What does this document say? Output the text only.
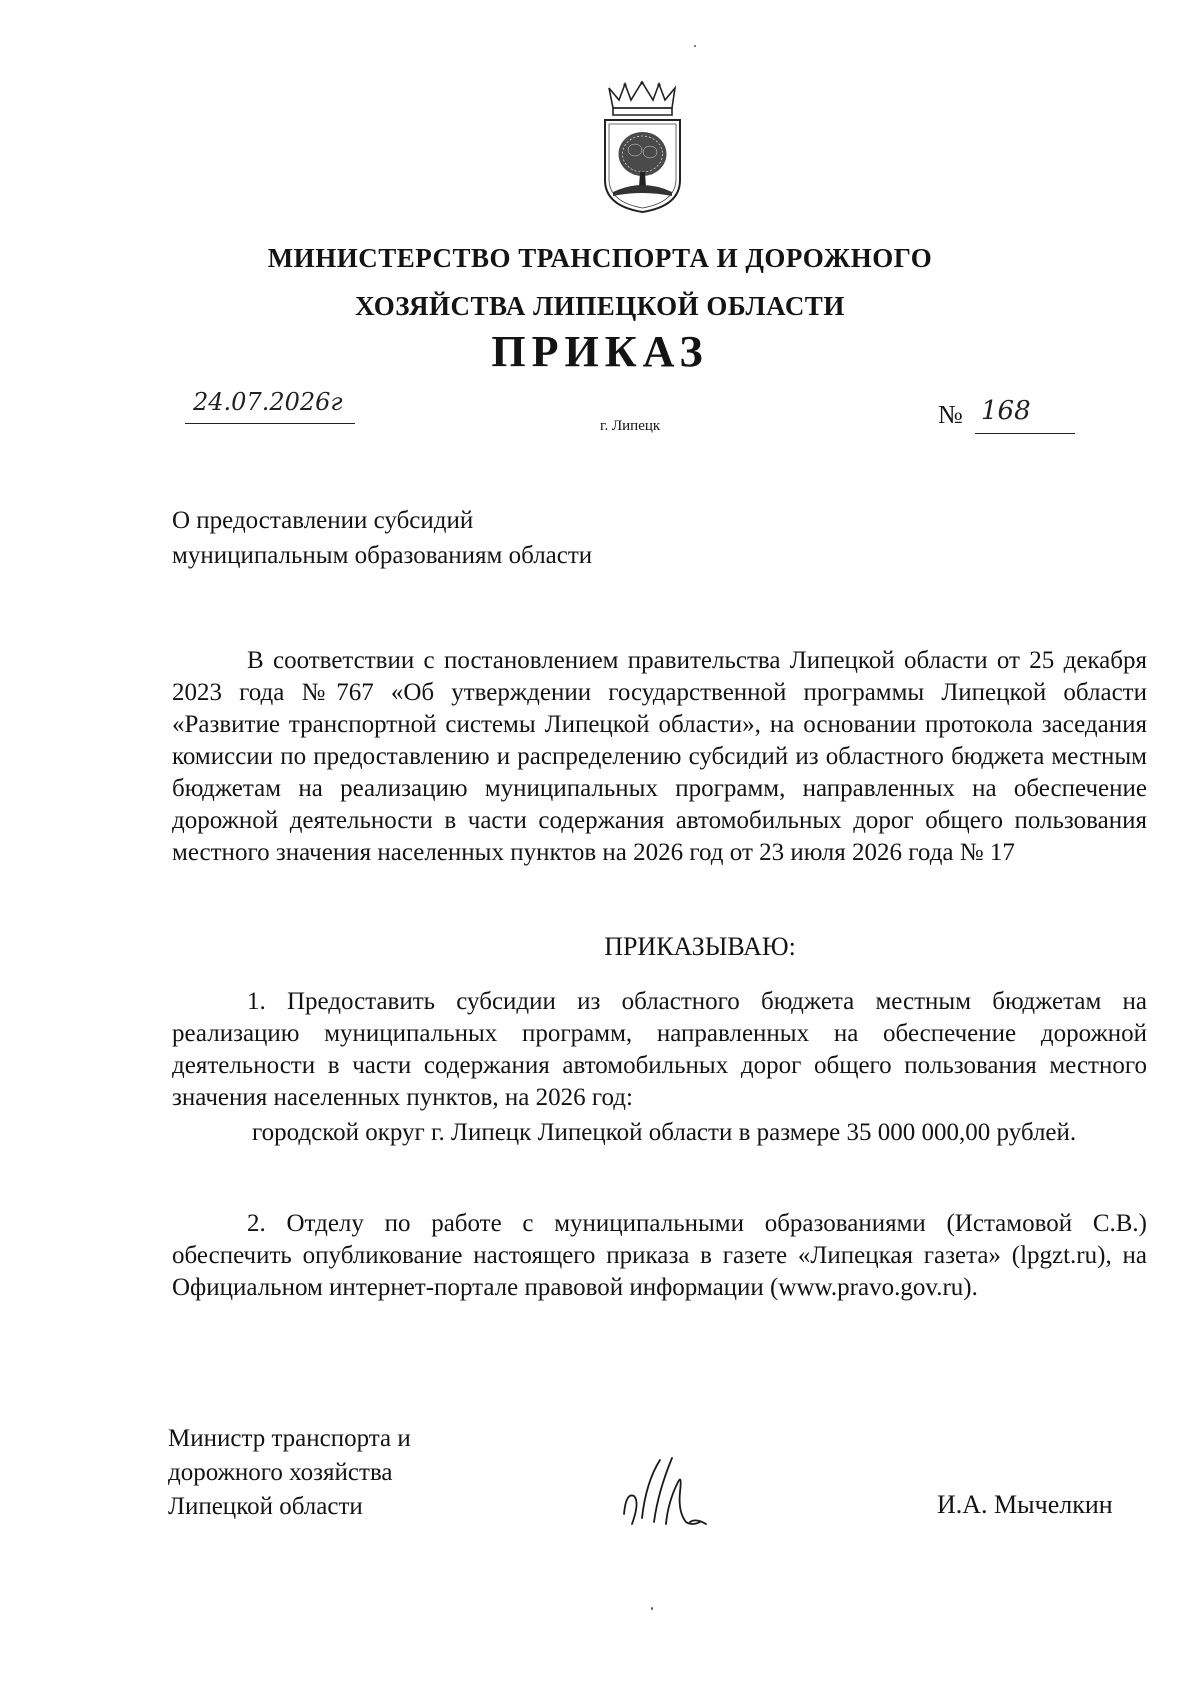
МИНИСТЕРСТВО ТРАНСПОРТА И ДОРОЖНОГО
ХОЗЯЙСТВА ЛИПЕЦКОЙ ОБЛАСТИ
ПРИКАЗ
24.07.2026г
г. Липецк	№ 168
О предоставлении субсидий
муниципальным образованиям области
В соответствии с постановлением правительства Липецкой области от 25 декабря 2023 года №767 «Об утверждении государственной программы Липецкой области «Развитие транспортной системы Липецкой области», на основании протокола заседания комиссии по предоставлению и распределению субсидий из областного бюджета местным бюджетам на реализацию муниципальных программ, направленных на обеспечение дорожной деятельности в части содержания автомобильных дорог общего пользования местного значения населенных пунктов на 2026 год от 23 июля 2026 года № 17
ПРИКАЗЫВАЮ:
1. Предоставить субсидии из областного бюджета местным бюджетам на реализацию муниципальных программ, направленных на обеспечение дорожной деятельности в части содержания автомобильных дорог общего пользования местного значения населенных пунктов, на 2026 год:
городской округ г. Липецк Липецкой области в размере 35 000 000,00 рублей.
2. Отделу по работе с муниципальными образованиями (Истамовой С.В.) обеспечить опубликование настоящего приказа в газете «Липецкая газета» (lpgzt.ru), на Официальном интернет-портале правовой информации (www.pravo.gov.ru).
Министр транспорта и
дорожного хозяйства
Липецкой области	И.А. Мычелкин
